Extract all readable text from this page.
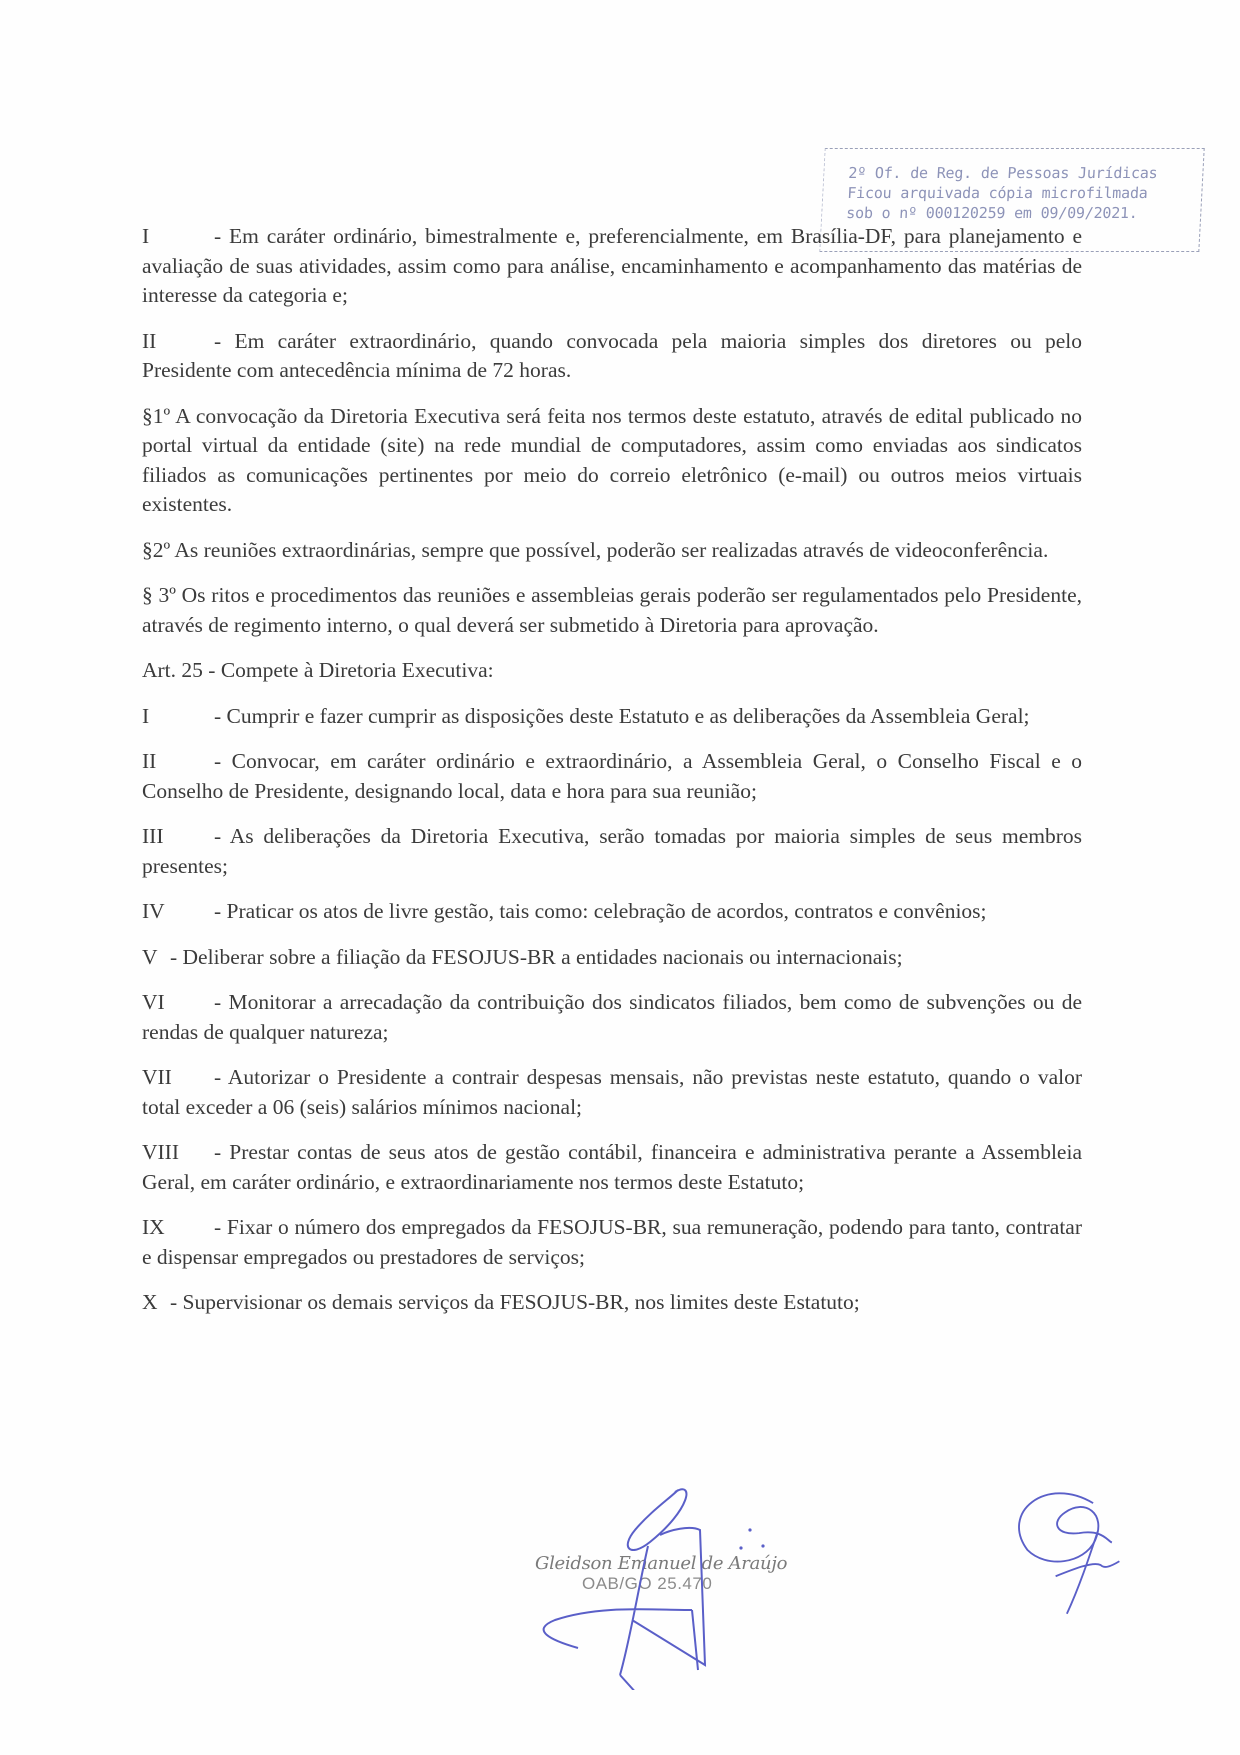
2º Of. de Reg. de Pessoas Jurídicas
Ficou arquivada cópia microfilmada
sob o nº 000120259 em 09/09/2021.

I	- Em caráter ordinário, bimestralmente e, preferencialmente, em Brasília-DF, para planejamento e avaliação de suas atividades, assim como para análise, encaminhamento e acompanhamento das matérias de interesse da categoria e;

II	- Em caráter extraordinário, quando convocada pela maioria simples dos diretores ou pelo Presidente com antecedência mínima de 72 horas.

§1º A convocação da Diretoria Executiva será feita nos termos deste estatuto, através de edital publicado no portal virtual da entidade (site) na rede mundial de computadores, assim como enviadas aos sindicatos filiados as comunicações pertinentes por meio do correio eletrônico (e-mail) ou outros meios virtuais existentes.

§2º As reuniões extraordinárias, sempre que possível, poderão ser realizadas através de videoconferência.

§ 3º Os ritos e procedimentos das reuniões e assembleias gerais poderão ser regulamentados pelo Presidente, através de regimento interno, o qual deverá ser submetido à Diretoria para aprovação.

Art. 25 - Compete à Diretoria Executiva:

I	- Cumprir e fazer cumprir as disposições deste Estatuto e as deliberações da Assembleia Geral;

II	- Convocar, em caráter ordinário e extraordinário, a Assembleia Geral, o Conselho Fiscal e o Conselho de Presidente, designando local, data e hora para sua reunião;

III - As deliberações da Diretoria Executiva, serão tomadas por maioria simples de seus membros presentes;

IV - Praticar os atos de livre gestão, tais como: celebração de acordos, contratos e convênios;

V - Deliberar sobre a filiação da FESOJUS-BR a entidades nacionais ou internacionais;

VI - Monitorar a arrecadação da contribuição dos sindicatos filiados, bem como de subvenções ou de rendas de qualquer natureza;

VII - Autorizar o Presidente a contrair despesas mensais, não previstas neste estatuto, quando o valor total exceder a 06 (seis) salários mínimos nacional;

VIII - Prestar contas de seus atos de gestão contábil, financeira e administrativa perante a Assembleia Geral, em caráter ordinário, e extraordinariamente nos termos deste Estatuto;

IX - Fixar o número dos empregados da FESOJUS-BR, sua remuneração, podendo para tanto, contratar e dispensar empregados ou prestadores de serviços;

X - Supervisionar os demais serviços da FESOJUS-BR, nos limites deste Estatuto;

Gleidson Emanuel de Araújo
OAB/GO 25.470
